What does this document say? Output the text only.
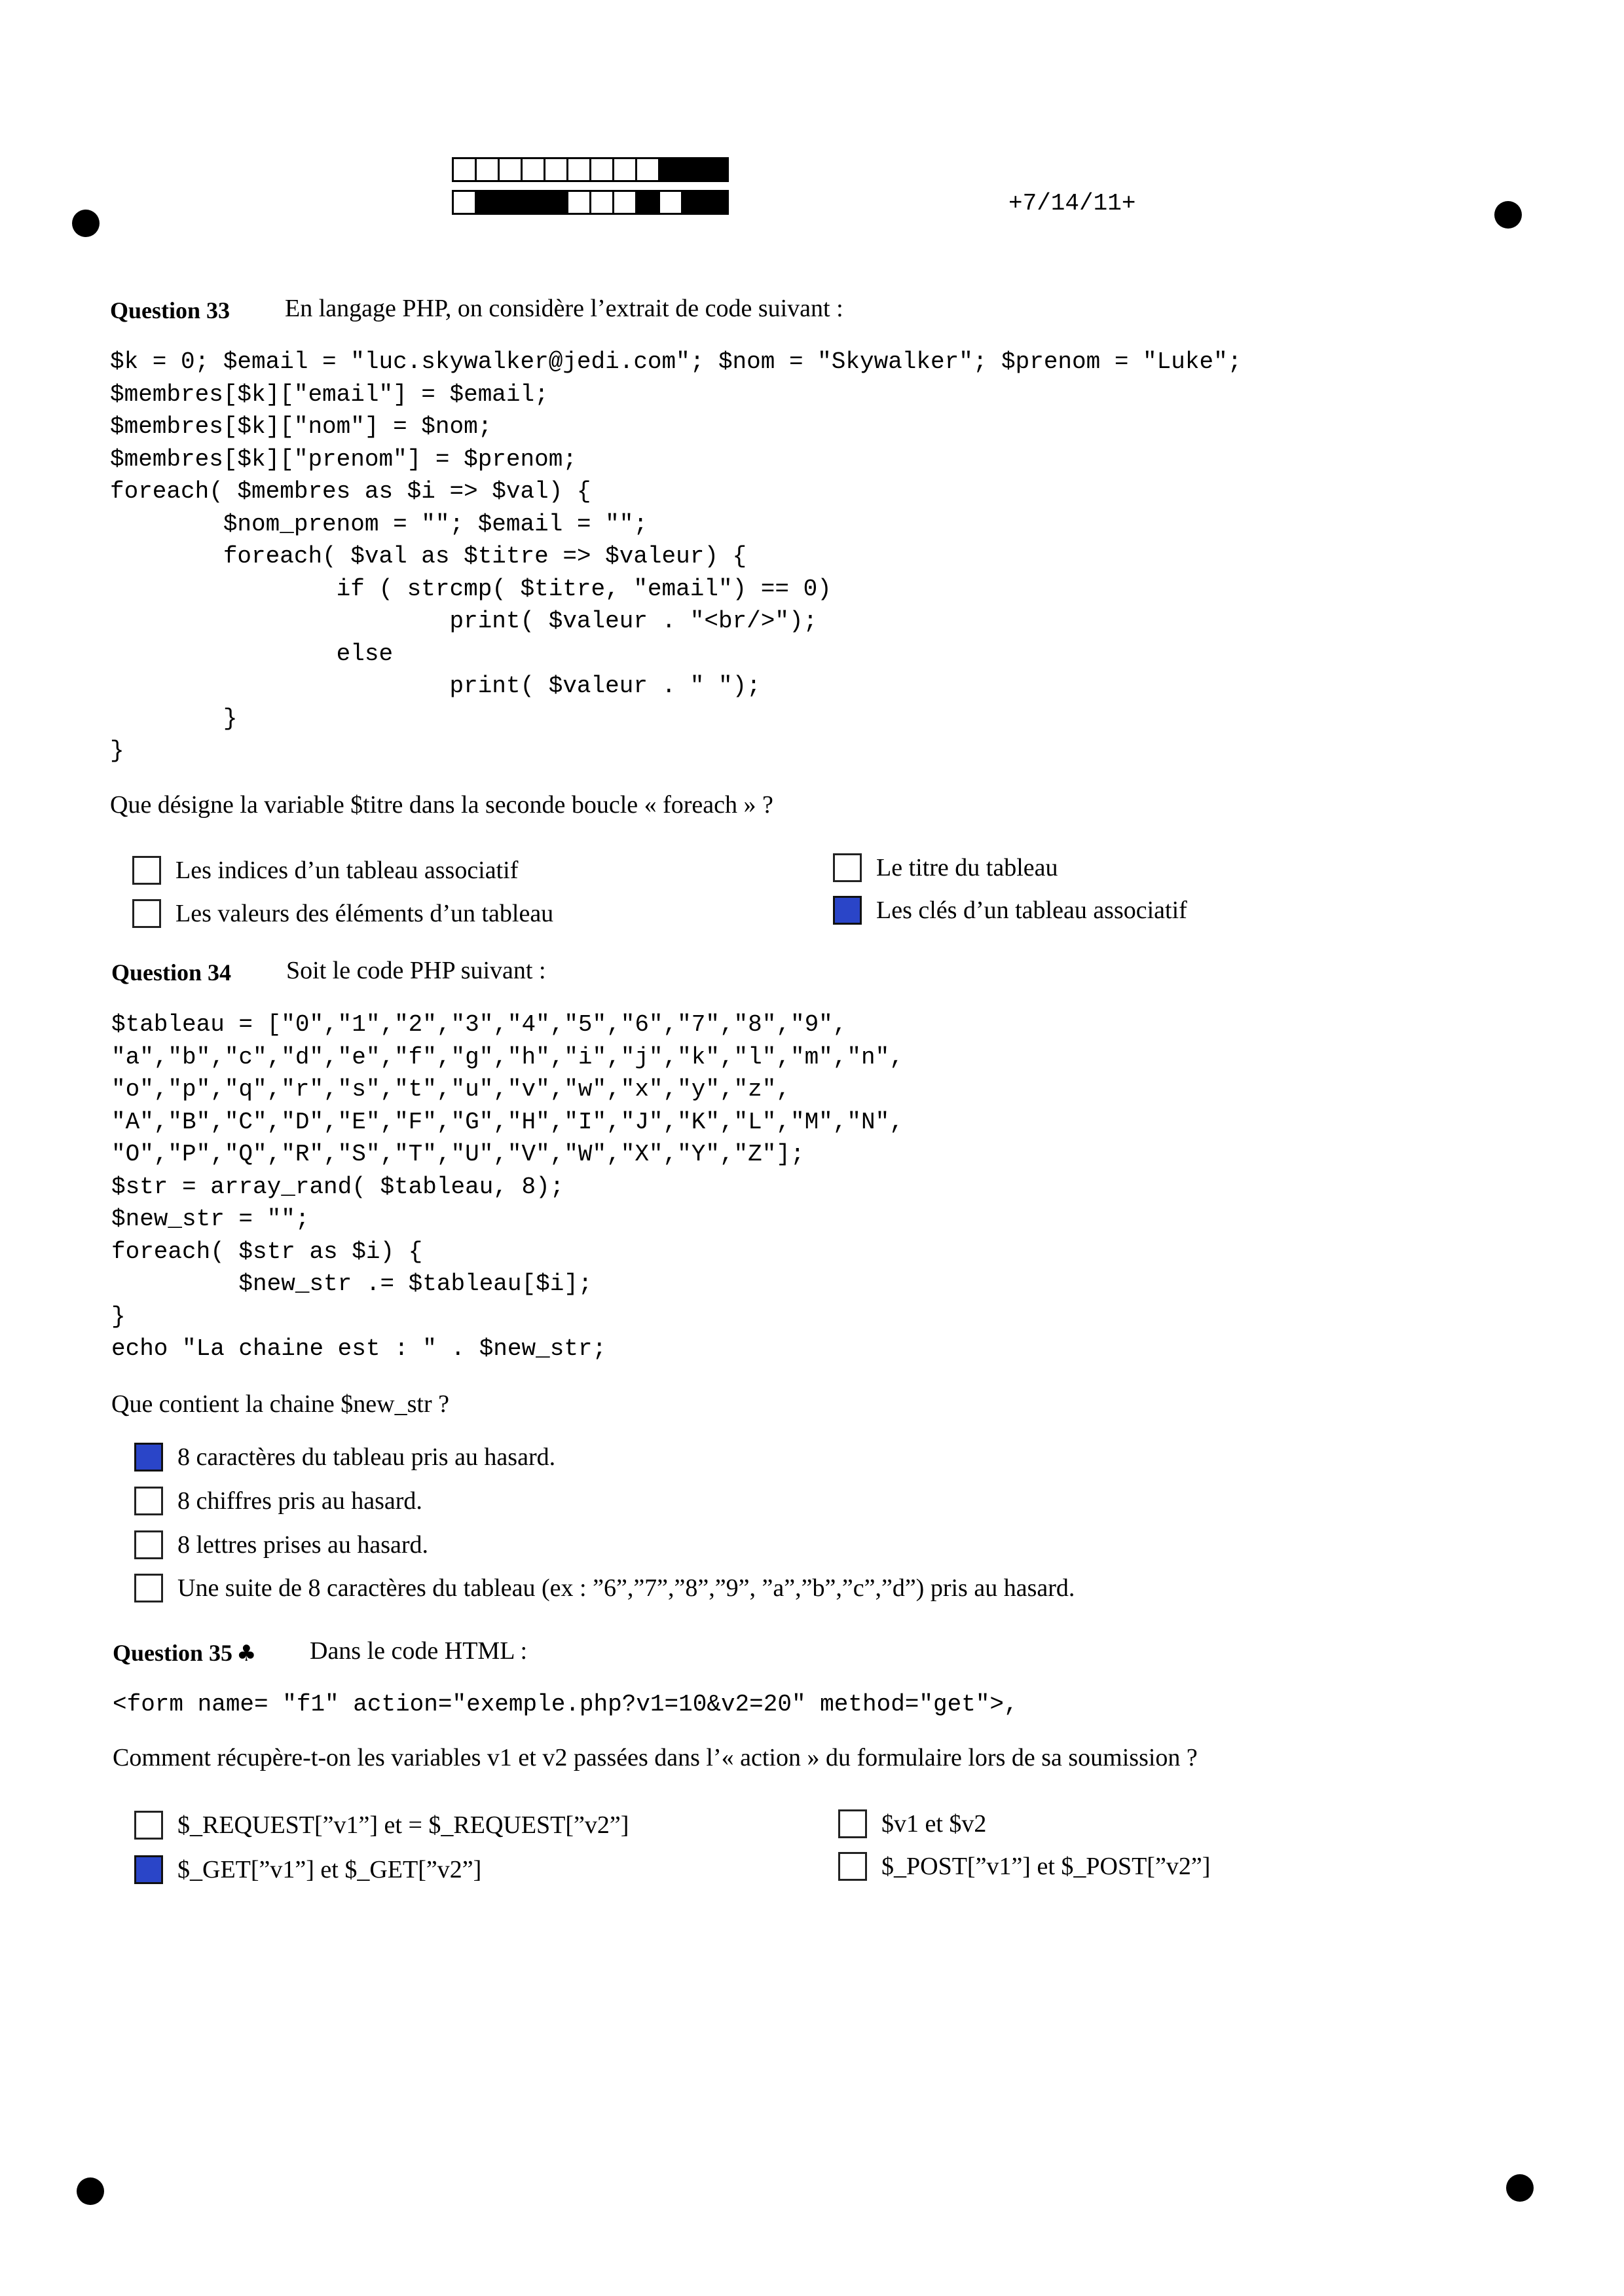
+7/14/11+
Question 33 En langage PHP, on considère l’extrait de code suivant :
$k = 0; $email = "luc.skywalker@jedi.com"; $nom = "Skywalker"; $prenom = "Luke";
$membres[$k]["email"] = $email;
$membres[$k]["nom"] = $nom;
$membres[$k]["prenom"] = $prenom;
foreach( $membres as $i => $val) {
$nom_prenom = ""; $email = "";
foreach( $val as $titre => $valeur) {
if ( strcmp( $titre, "email") == 0)
print( $valeur . "<br/>");
else
print( $valeur . " ");
}
}
Que désigne la variable $titre dans la seconde boucle « foreach » ?
Les indices d’un tableau associatif
Les valeurs des éléments d’un tableau
Le titre du tableau
Les clés d’un tableau associatif
Question 34 Soit le code PHP suivant :
$tableau = ["0","1","2","3","4","5","6","7","8","9",
"a","b","c","d","e","f","g","h","i","j","k","l","m","n",
"o","p","q","r","s","t","u","v","w","x","y","z",
"A","B","C","D","E","F","G","H","I","J","K","L","M","N",
"O","P","Q","R","S","T","U","V","W","X","Y","Z"];
$str = array_rand( $tableau, 8);
$new_str = "";
foreach( $str as $i) {
$new_str .= $tableau[$i];
}
echo "La chaine est : " . $new_str;
Que contient la chaine $new_str ?
8 caractères du tableau pris au hasard.
8 chiffres pris au hasard.
8 lettres prises au hasard.
Une suite de 8 caractères du tableau (ex : ”6”,”7”,”8”,”9”, ”a”,”b”,”c”,”d”) pris au hasard.
Question 35 ♣ Dans le code HTML :
<form name= "f1" action="exemple.php?v1=10&v2=20" method="get">,
Comment récupère-t-on les variables v1 et v2 passées dans l’« action » du formulaire lors de sa soumission ?
$_REQUEST[”v1”] et = $_REQUEST[”v2”]
$_GET[”v1”] et $_GET[”v2”]
$v1 et $v2
$_POST[”v1”] et $_POST[”v2”]
